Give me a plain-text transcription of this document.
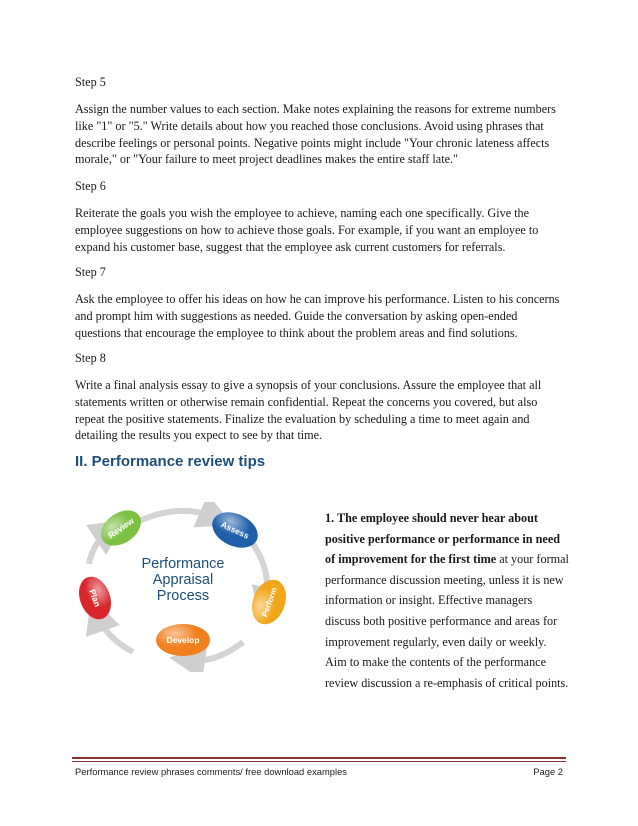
Step 5

Assign the number values to each section. Make notes explaining the reasons for extreme numbers like "1" or "5." Write details about how you reached those conclusions. Avoid using phrases that describe feelings or personal points. Negative points might include "Your chronic lateness affects morale," or "Your failure to meet project deadlines makes the entire staff late."

Step 6

Reiterate the goals you wish the employee to achieve, naming each one specifically. Give the employee suggestions on how to achieve those goals. For example, if you want an employee to expand his customer base, suggest that the employee ask current customers for referrals.

Step 7

Ask the employee to offer his ideas on how he can improve his performance. Listen to his concerns and prompt him with suggestions as needed. Guide the conversation by asking open-ended questions that encourage the employee to think about the problem areas and find solutions.

Step 8

Write a final analysis essay to give a synopsis of your conclusions. Assure the employee that all statements written or otherwise remain confidential. Repeat the concerns you covered, but also repeat the positive statements. Finalize the evaluation by scheduling a time to meet again and detailing the results you expect to see by that time.

II. Performance review tips
Review	Assess
Perform
Develop
Plan
Performance
Appraisal
Process

1. The employee should never hear about positive performance or performance in need of improvement for the first time at your formal performance discussion meeting, unless it is new information or insight. Effective managers discuss both positive performance and areas for improvement regularly, even daily or weekly. Aim to make the contents of the performance review discussion a re-emphasis of critical points.

Performance review phrases comments/ free download examples	Page 2
